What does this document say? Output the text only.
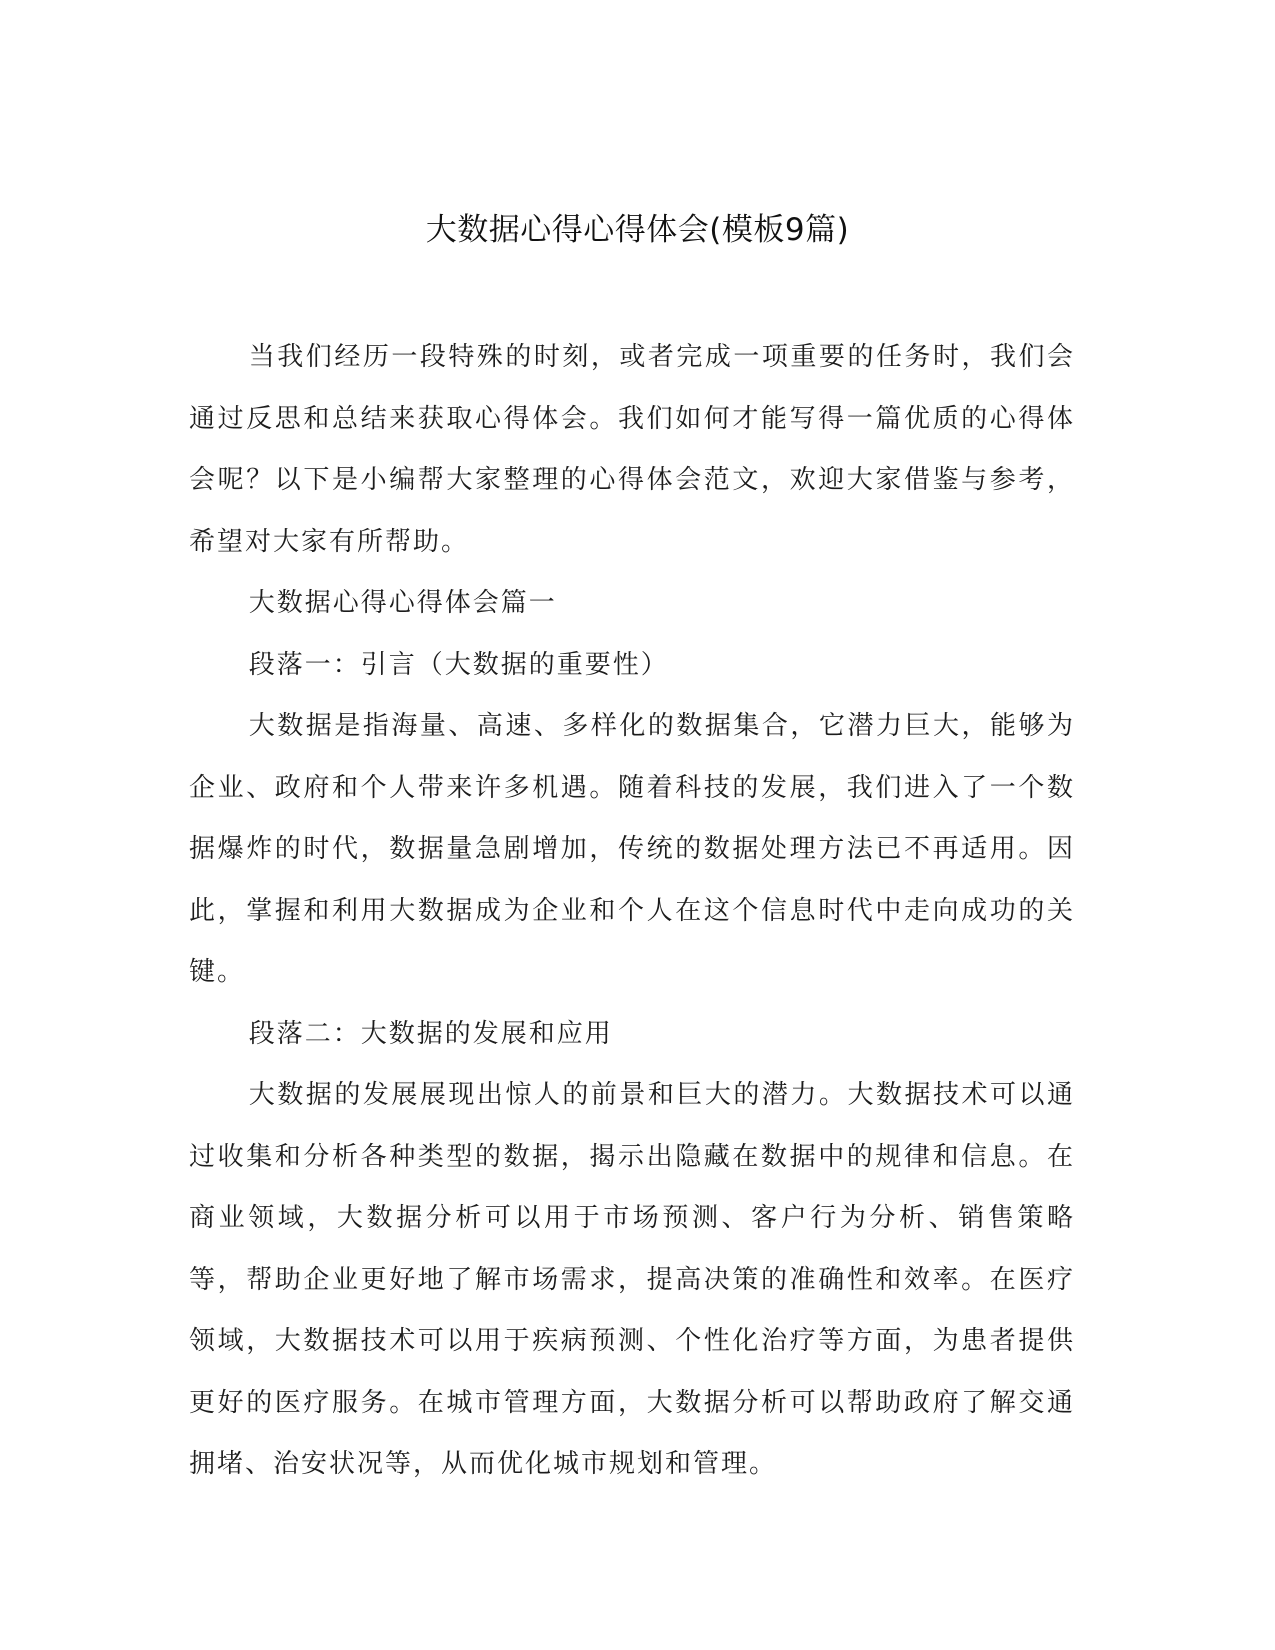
大数据心得心得体会(模板9篇)

当我们经历一段特殊的时刻，或者完成一项重要的任务时，我们会通过反思和总结来获取心得体会。我们如何才能写得一篇优质的心得体会呢？以下是小编帮大家整理的心得体会范文，欢迎大家借鉴与参考，希望对大家有所帮助。

大数据心得心得体会篇一

段落一：引言（大数据的重要性）

大数据是指海量、高速、多样化的数据集合，它潜力巨大，能够为企业、政府和个人带来许多机遇。随着科技的发展，我们进入了一个数据爆炸的时代，数据量急剧增加，传统的数据处理方法已不再适用。因此，掌握和利用大数据成为企业和个人在这个信息时代中走向成功的关键。

段落二：大数据的发展和应用

大数据的发展展现出惊人的前景和巨大的潜力。大数据技术可以通过收集和分析各种类型的数据，揭示出隐藏在数据中的规律和信息。在商业领域，大数据分析可以用于市场预测、客户行为分析、销售策略等，帮助企业更好地了解市场需求，提高决策的准确性和效率。在医疗领域，大数据技术可以用于疾病预测、个性化治疗等方面，为患者提供更好的医疗服务。在城市管理方面，大数据分析可以帮助政府了解交通拥堵、治安状况等，从而优化城市规划和管理。
